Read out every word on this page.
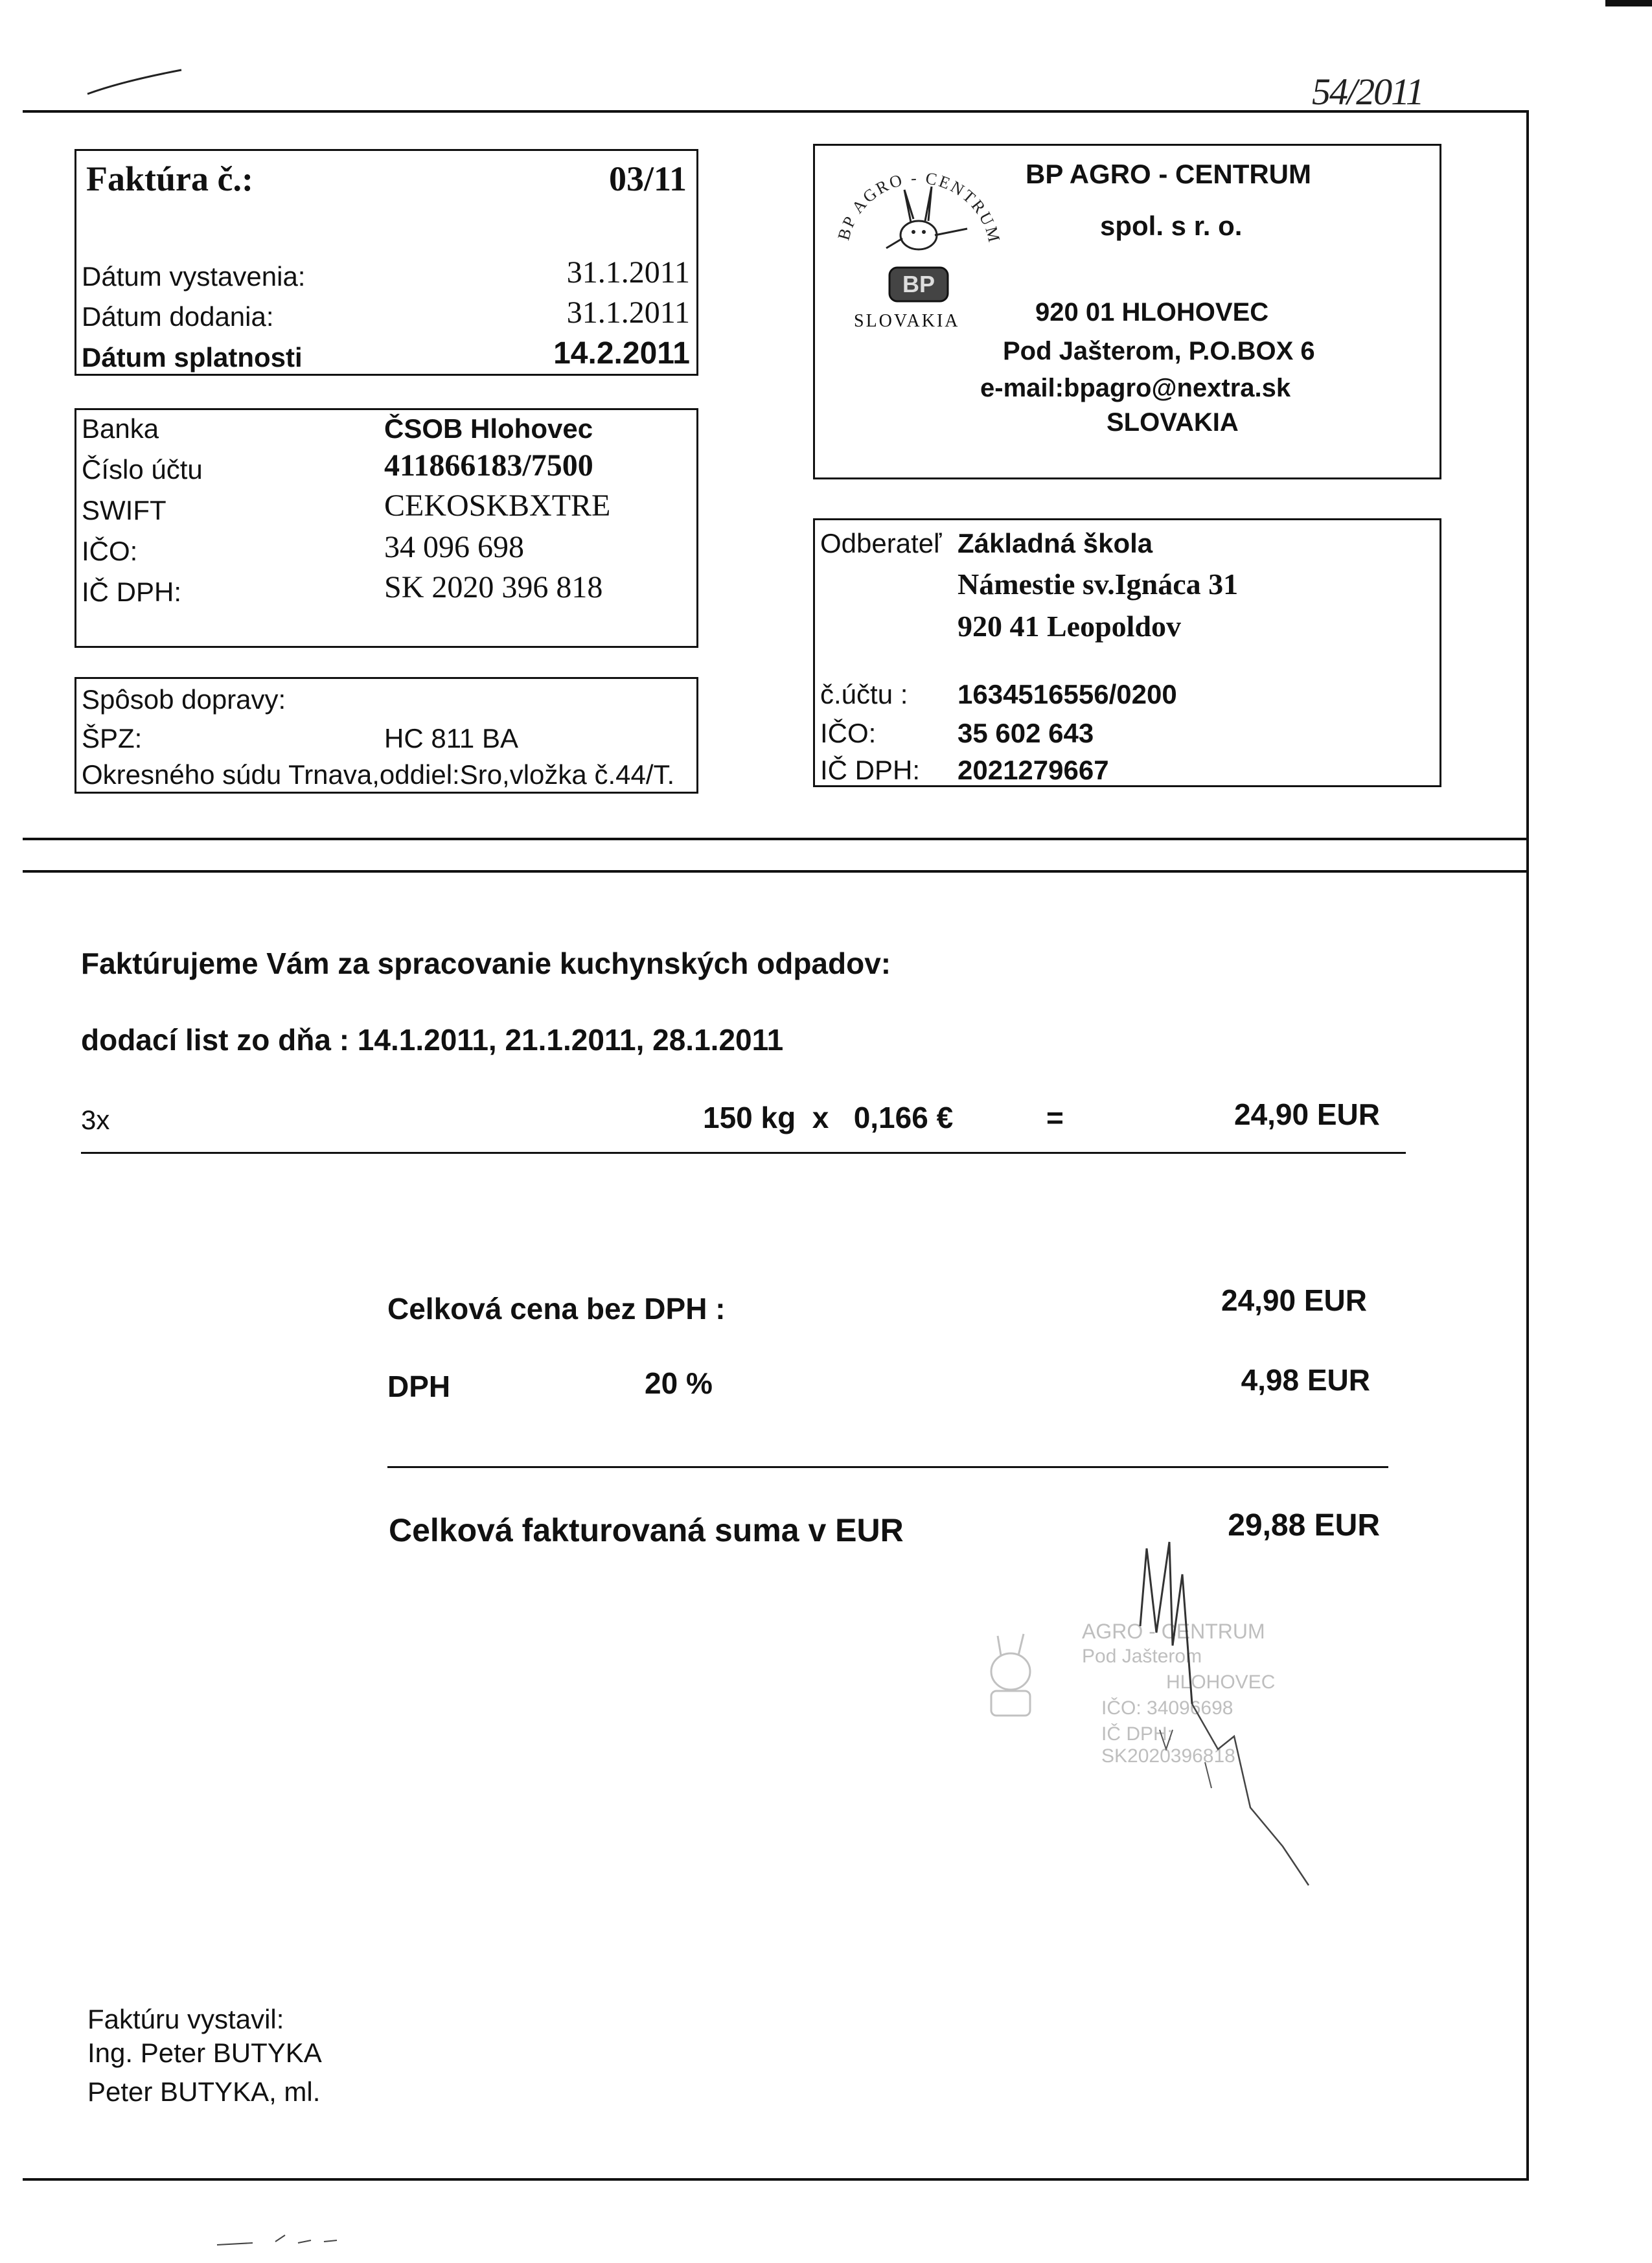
54/2011
Faktúra č.:	03/11
Dátum vystavenia:	31.1.2011
Dátum dodania:	31.1.2011
Dátum splatnosti	14.2.2011
Banka	ČSOB Hlohovec
Číslo účtu	411866183/7500
SWIFT	CEKOSKBXTRE
IČO:	34 096 698
IČ DPH:	SK 2020 396 818
Spôsob dopravy:
ŠPZ:	HC 811 BA
Okresného súdu Trnava,oddiel:Sro,vložka č.44/T.
BP AGRO - CENTRUM
BP
SLOVAKIA
BP AGRO - CENTRUM
spol. s r. o.
920 01 HLOHOVEC
Pod Jašterom, P.O.BOX 6
e-mail:bpagro@nextra.sk
SLOVAKIA
Odberateľ Základná škola
Námestie sv.Ignáca 31
920 41 Leopoldov
č.účtu : 1634516556/0200
IČO:	35 602 643
IČ DPH: 2021279667
Faktúrujeme Vám za spracovanie kuchynských odpadov:
dodací list zo dňa : 14.1.2011, 21.1.2011, 28.1.2011
3x	150 kg  x   0,166 €	=	24,90 EUR
Celková cena bez DPH :	24,90 EUR
DPH	20 %	4,98 EUR
Celková fakturovaná suma v EUR	29,88 EUR
AGRO - CENTRUM
Pod Jašterom
HLOHOVEC
IČO: 34096698
IČ DPH: SK2020396818
Faktúru vystavil:
Ing. Peter BUTYKA
Peter BUTYKA, ml.
